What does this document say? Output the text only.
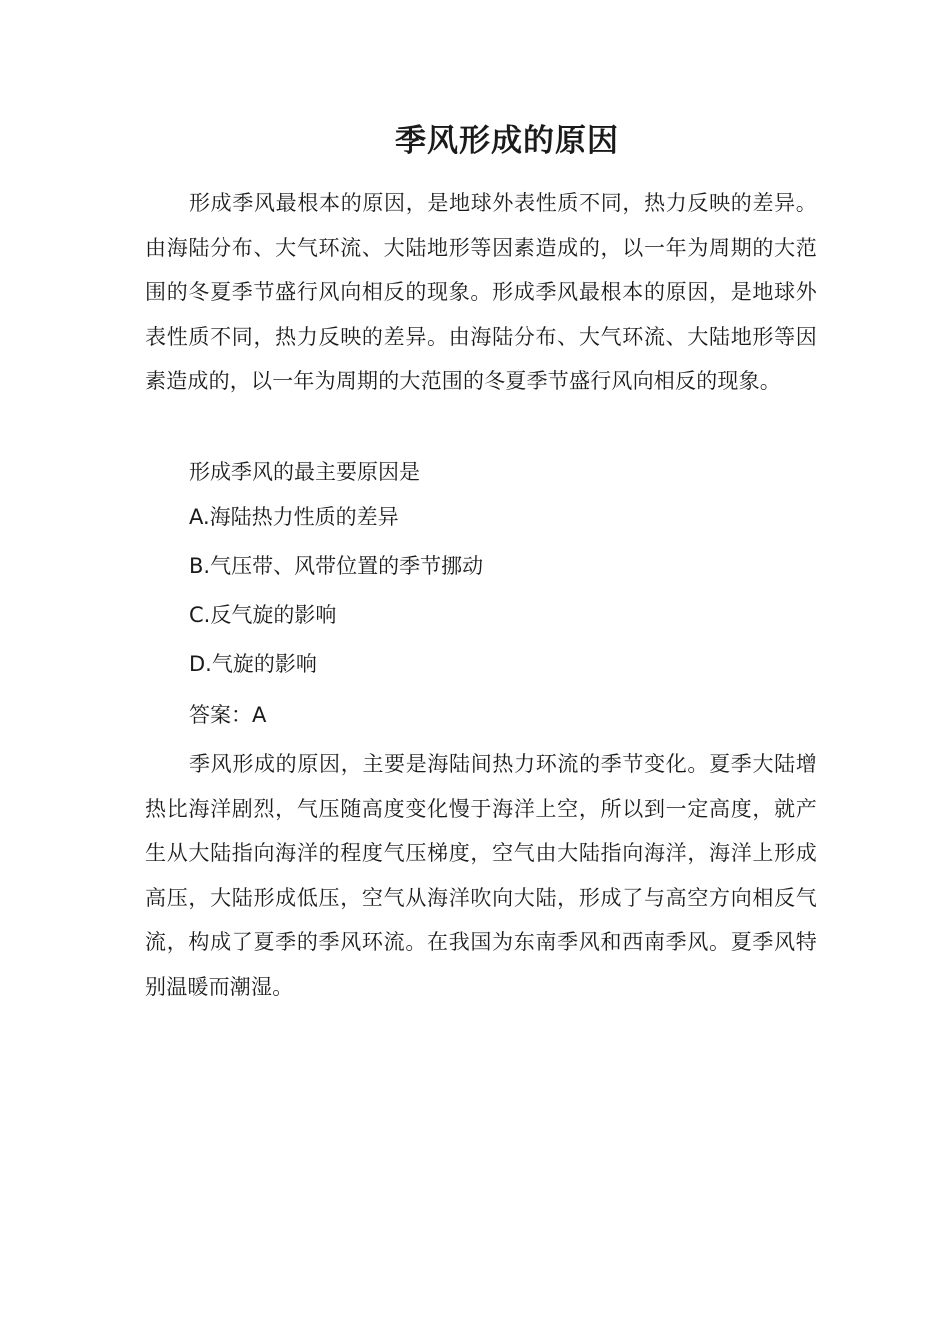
季风形成的原因

形成季风最根本的原因，是地球外表性质不同，热力反映的差异。由海陆分布、大气环流、大陆地形等因素造成的，以一年为周期的大范围的冬夏季节盛行风向相反的现象。形成季风最根本的原因，是地球外表性质不同，热力反映的差异。由海陆分布、大气环流、大陆地形等因素造成的，以一年为周期的大范围的冬夏季节盛行风向相反的现象。

形成季风的最主要原因是

A.海陆热力性质的差异

B.气压带、风带位置的季节挪动

C.反气旋的影响

D.气旋的影响

答案：A

季风形成的原因，主要是海陆间热力环流的季节变化。夏季大陆增热比海洋剧烈，气压随高度变化慢于海洋上空，所以到一定高度，就产生从大陆指向海洋的程度气压梯度，空气由大陆指向海洋，海洋上形成高压，大陆形成低压，空气从海洋吹向大陆，形成了与高空方向相反气流，构成了夏季的季风环流。在我国为东南季风和西南季风。夏季风特别温暖而潮湿。
